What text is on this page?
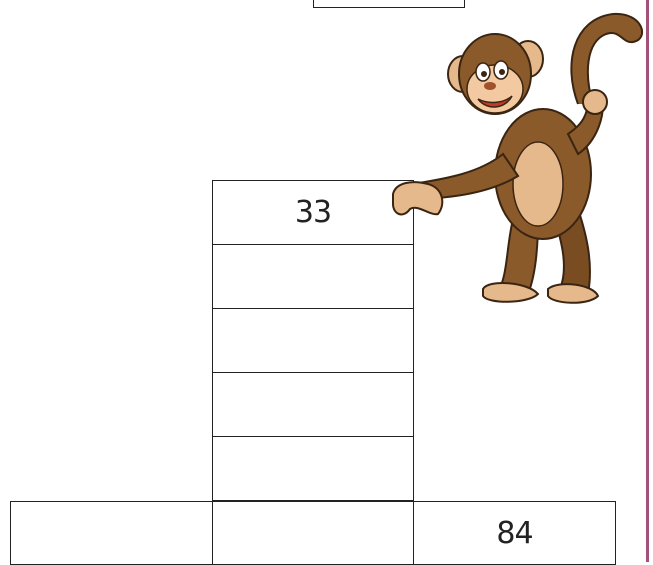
33
84
